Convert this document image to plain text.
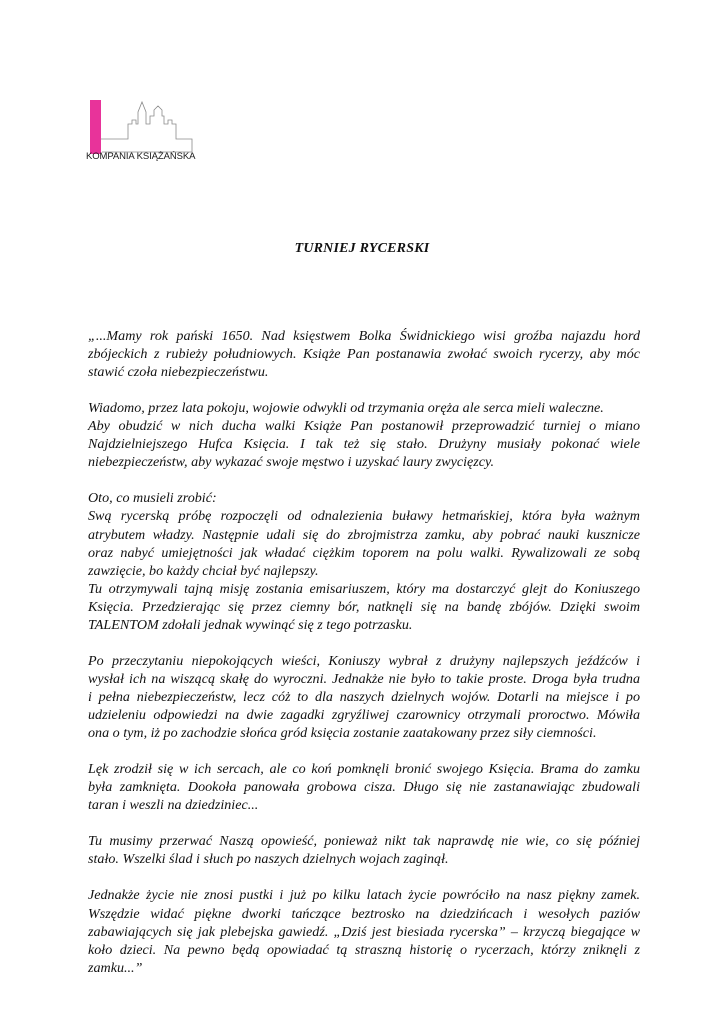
KOMPANIA KSIĄŻAŃSKA
TURNIEJ RYCERSKI

„...Mamy rok pański 1650. Nad księstwem Bolka Świdnickiego wisi groźba najazdu hord
zbójeckich z rubieży południowych. Książe Pan postanawia zwołać swoich rycerzy, aby móc
stawić czoła niebezpieczeństwu.

Wiadomo, przez lata pokoju, wojowie odwykli od trzymania oręża ale serca mieli waleczne.
Aby obudzić w nich ducha walki Książe Pan postanowił przeprowadzić turniej o miano
Najdzielniejszego Hufca Księcia. I tak też się stało. Drużyny musiały pokonać wiele
niebezpieczeństw, aby wykazać swoje męstwo i uzyskać laury zwycięzcy.

Oto, co musieli zrobić:
Swą rycerską próbę rozpoczęli od odnalezienia buławy hetmańskiej, która była ważnym
atrybutem władzy. Następnie udali się do zbrojmistrza zamku, aby pobrać nauki kusznicze
oraz nabyć umiejętności jak władać ciężkim toporem na polu walki. Rywalizowali ze sobą
zawzięcie, bo każdy chciał być najlepszy.
Tu otrzymywali tajną misję zostania emisariuszem, który ma dostarczyć glejt do Koniuszego
Księcia. Przedzierając się przez ciemny bór, natknęli się na bandę zbójów. Dzięki swoim
TALENTOM zdołali jednak wywinąć się z tego potrzasku.

Po przeczytaniu niepokojących wieści, Koniuszy wybrał z drużyny najlepszych jeźdźców i
wysłał ich na wiszącą skałę do wyroczni. Jednakże nie było to takie proste. Droga była trudna
i pełna niebezpieczeństw, lecz cóż to dla naszych dzielnych wojów. Dotarli na miejsce i po
udzieleniu odpowiedzi na dwie zagadki zgryźliwej czarownicy otrzymali proroctwo. Mówiła
ona o tym, iż po zachodzie słońca gród księcia zostanie zaatakowany przez siły ciemności.

Lęk zrodził się w ich sercach, ale co koń pomknęli bronić swojego Księcia. Brama do zamku
była zamknięta. Dookoła panowała grobowa cisza. Długo się nie zastanawiając zbudowali
taran i weszli na dziedziniec...

Tu musimy przerwać Naszą opowieść, ponieważ nikt tak naprawdę nie wie, co się później
stało. Wszelki ślad i słuch po naszych dzielnych wojach zaginął.

Jednakże życie nie znosi pustki i już po kilku latach życie powróciło na nasz piękny zamek.
Wszędzie widać piękne dworki tańczące beztrosko na dziedzińcach i wesołych paziów
zabawiających się jak plebejska gawiedź. „Dziś jest biesiada rycerska” – krzyczą biegające w
koło dzieci. Na pewno będą opowiadać tą straszną historię o rycerzach, którzy zniknęli z
zamku...”
